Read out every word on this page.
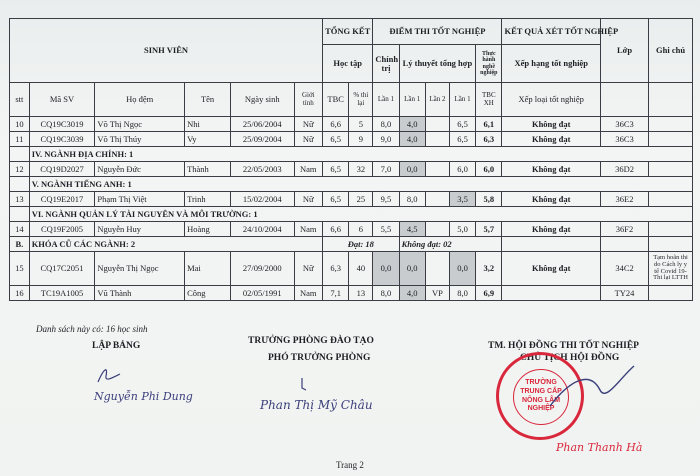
SINH VIÊN						TỔNG KẾT		ĐIỂM THI TỐT NGHIỆP					KẾT QUẢ XÉT TỐT NGHIỆP	Lớp	Ghi chú
						Học tập		Chính trị	Lý thuyết tổng hợp			Thực hành nghề nghiệp	Xếp hạng tốt nghiệp		

stt	Mã SV	Họ đệm	Tên	Ngày sinh	Giới tính	TBC	% thi lại	Lần 1	Lần 1	Lần 2	Lần 1	TBC XH	Xếp loại tốt nghiệp		
10	CQ19C3019	Võ Thị Ngọc	Nhi	25/06/2004	Nữ	6,6	5	8,0	4,0		6,5	6,1	Không đạt	36C3	
11	CQ19C3039	Võ Thị Thúy	Vy	25/09/2004	Nữ	6,5	9	9,0	4,0		6,5	6,3	Không đạt	36C3	
	IV. NGÀNH ĐỊA CHÍNH: 1														
12	CQ19D2027	Nguyễn Đức	Thành	22/05/2003	Nam	6,5	32	7,0	0,0		6,0	6,0	Không đạt	36D2	
	V. NGÀNH TIẾNG ANH: 1														
13	CQ19E2017	Phạm Thị Việt	Trinh	15/02/2004	Nữ	6,5	25	9,5	8,0		3,5	5,8	Không đạt	36E2	
	VI. NGÀNH QUẢN LÝ TÀI NGUYÊN VÀ MÔI TRƯỜNG: 1														
14	CQ19F2005	Nguyễn Huy	Hoàng	24/10/2004	Nam	6,6	6	5,5	4,5		5,0	5,7	Không đạt	36F2	
B.	KHÓA CŨ CÁC NGÀNH: 2					Đạt: 18			Không đạt: 02						
15	CQ17C2051	Nguyễn Thị Ngọc	Mai	27/09/2000	Nữ	6,3	40	0,0	0,0		0,0	3,2	Không đạt	34C2	Tạm hoãn thi do Cách ly y tế Covid 19- Thi lại LTTH
16	TC19A1005	Vũ Thành	Công	02/05/1991	Nam	7,1	13	8,0	4,0	VP	8,0	6,9		TY24	
Danh sách này có: 16 học sinh
LẬP BẢNG	TRƯỞNG PHÒNG ĐÀO TẠO
PHÓ TRƯỞNG PHÒNG
TM. HỘI ĐỒNG THI TỐT NGHIỆP
CHỦ TỊCH HỘI ĐỒNG
Nguyễn Phi Dung
Phan Thị Mỹ Châu
TRƯỜNG
TRUNG CẤP
NÔNG LÂM
NGHIỆP
Phan Thanh Hà
Trang 2
